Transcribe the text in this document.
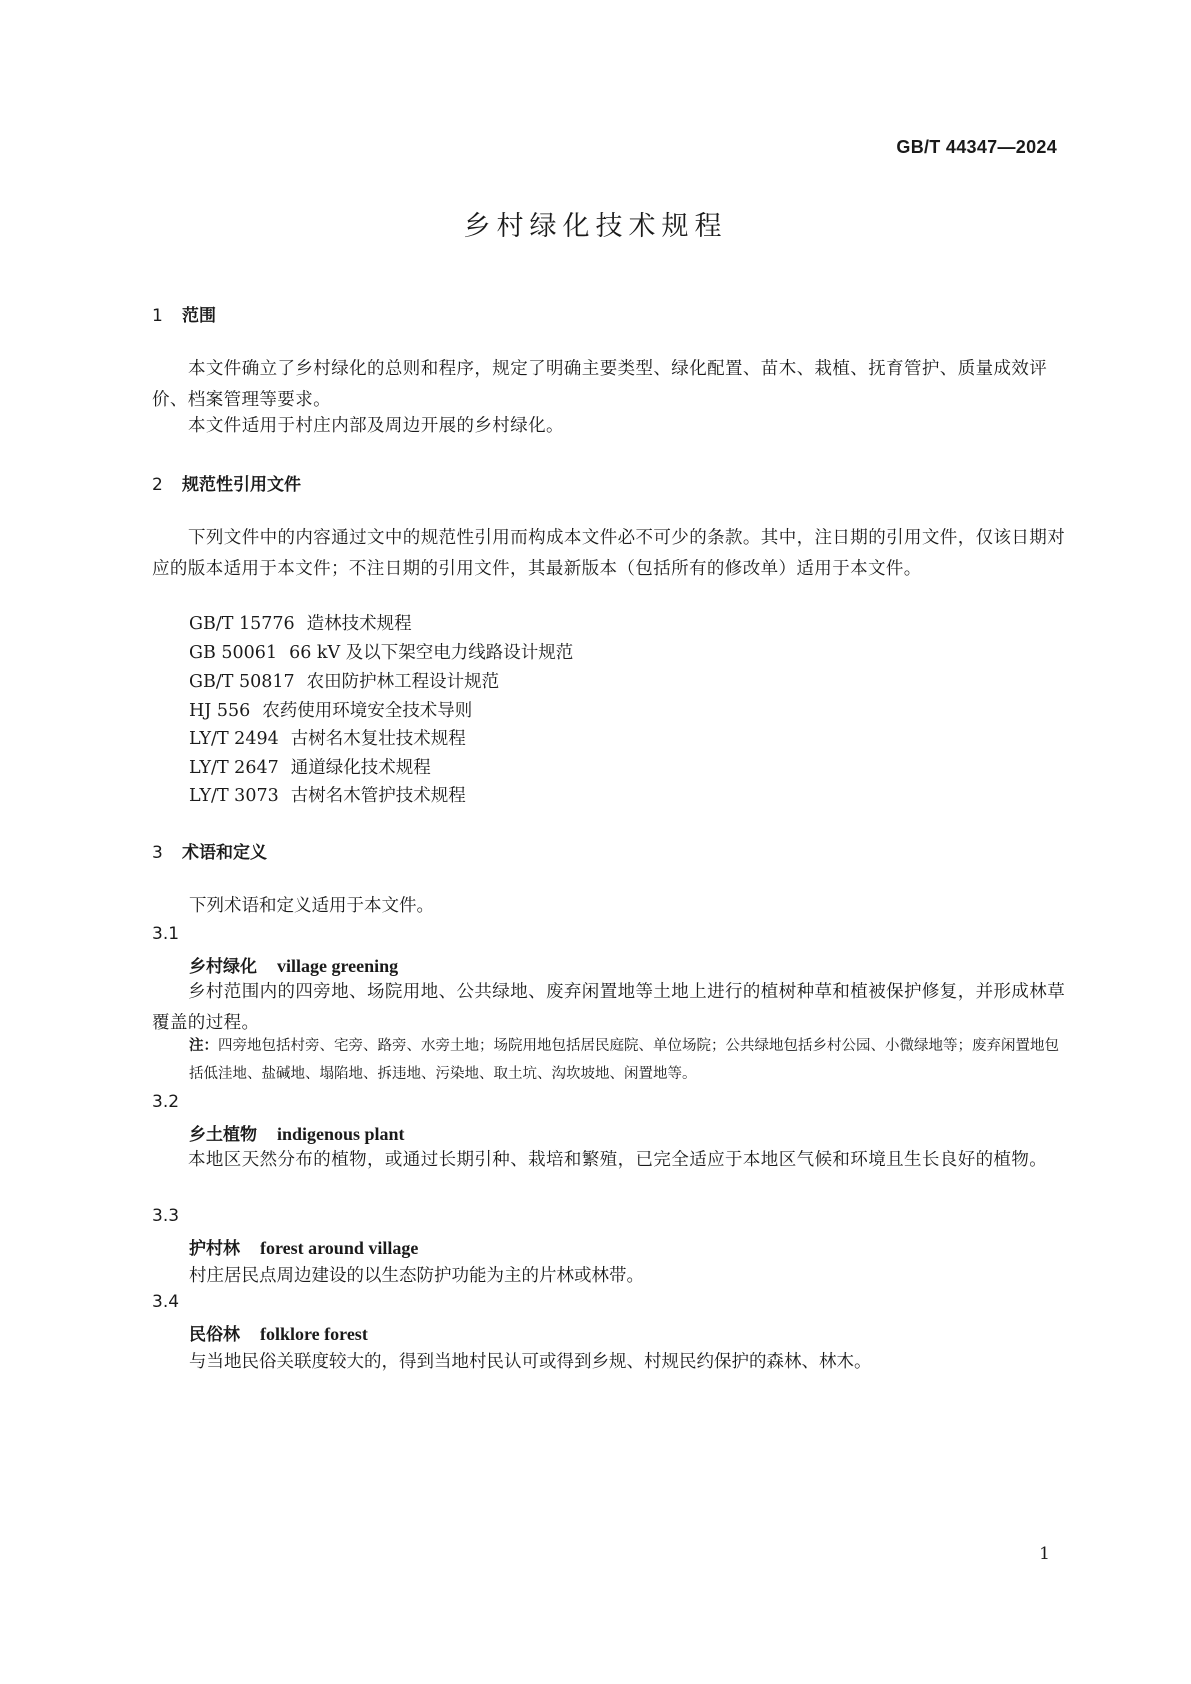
GB/T 44347—2024
乡村绿化技术规程
1 范围
本文件确立了乡村绿化的总则和程序，规定了明确主要类型、绿化配置、苗木、栽植、抚育管护、质量成效评价、档案管理等要求。
本文件适用于村庄内部及周边开展的乡村绿化。
2 规范性引用文件
下列文件中的内容通过文中的规范性引用而构成本文件必不可少的条款。其中，注日期的引用文件，仅该日期对应的版本适用于本文件；不注日期的引用文件，其最新版本（包括所有的修改单）适用于本文件。
GB/T 15776 造林技术规程
GB 50061 66 kV 及以下架空电力线路设计规范
GB/T 50817 农田防护林工程设计规范
HJ 556 农药使用环境安全技术导则
LY/T 2494 古树名木复壮技术规程
LY/T 2647 通道绿化技术规程
LY/T 3073 古树名木管护技术规程
3 术语和定义
下列术语和定义适用于本文件。
3.1
乡村绿化 village greening
乡村范围内的四旁地、场院用地、公共绿地、废弃闲置地等土地上进行的植树种草和植被保护修复，并形成林草覆盖的过程。
注：四旁地包括村旁、宅旁、路旁、水旁土地；场院用地包括居民庭院、单位场院；公共绿地包括乡村公园、小微绿地等；废弃闲置地包括低洼地、盐碱地、塌陷地、拆违地、污染地、取土坑、沟坎坡地、闲置地等。
3.2
乡土植物 indigenous plant
本地区天然分布的植物，或通过长期引种、栽培和繁殖，已完全适应于本地区气候和环境且生长良好的植物。
3.3
护村林 forest around village
村庄居民点周边建设的以生态防护功能为主的片林或林带。
3.4
民俗林 folklore forest
与当地民俗关联度较大的，得到当地村民认可或得到乡规、村规民约保护的森林、林木。
1
